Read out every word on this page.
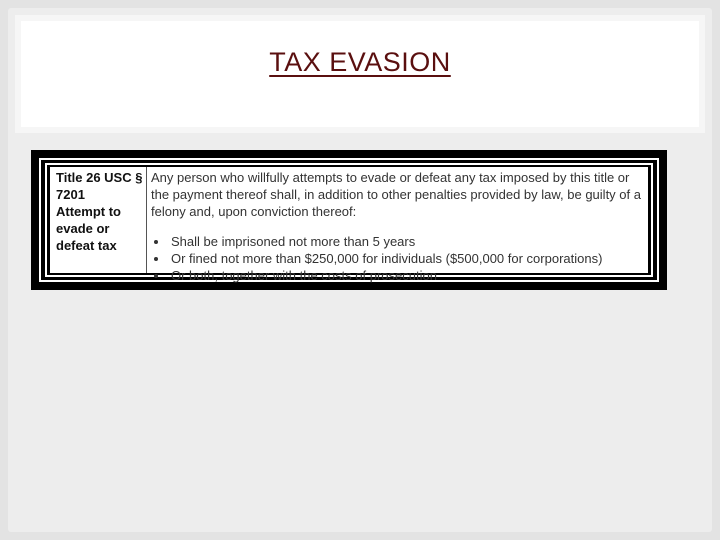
TAX EVASION
Title 26 USC §
7201
Attempt to
evade or
defeat tax
Any person who willfully attempts to evade or defeat any tax imposed by this title or the payment thereof shall, in addition to other penalties provided by law, be guilty of a felony and, upon conviction thereof:
• Shall be imprisoned not more than 5 years
• Or fined not more than $250,000 for individuals ($500,000 for corporations)
• Or both, together with the costs of prosecution
